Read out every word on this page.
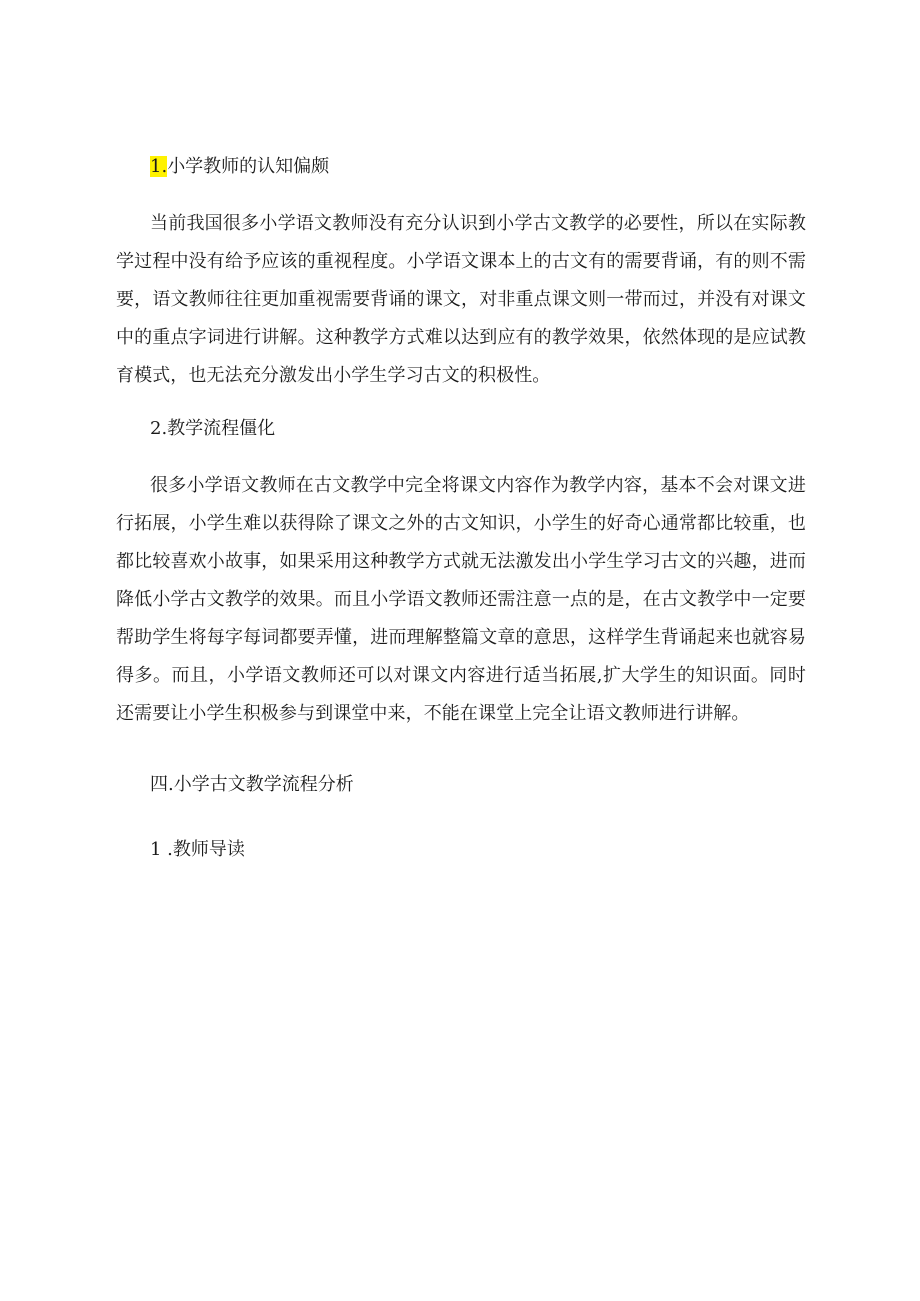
1.小学教师的认知偏颇

当前我国很多小学语文教师没有充分认识到小学古文教学的必要性，所以在实际教学过程中没有给予应该的重视程度。小学语文课本上的古文有的需要背诵，有的则不需要，语文教师往往更加重视需要背诵的课文，对非重点课文则一带而过，并没有对课文中的重点字词进行讲解。这种教学方式难以达到应有的教学效果，依然体现的是应试教育模式，也无法充分激发出小学生学习古文的积极性。

2.教学流程僵化

很多小学语文教师在古文教学中完全将课文内容作为教学内容，基本不会对课文进行拓展，小学生难以获得除了课文之外的古文知识，小学生的好奇心通常都比较重，也都比较喜欢小故事，如果采用这种教学方式就无法激发出小学生学习古文的兴趣，进而降低小学古文教学的效果。而且小学语文教师还需注意一点的是，在古文教学中一定要帮助学生将每字每词都要弄懂，进而理解整篇文章的意思，这样学生背诵起来也就容易得多。而且，小学语文教师还可以对课文内容进行适当拓展,扩大学生的知识面。同时还需要让小学生积极参与到课堂中来，不能在课堂上完全让语文教师进行讲解。

四.小学古文教学流程分析
1 .教师导读
